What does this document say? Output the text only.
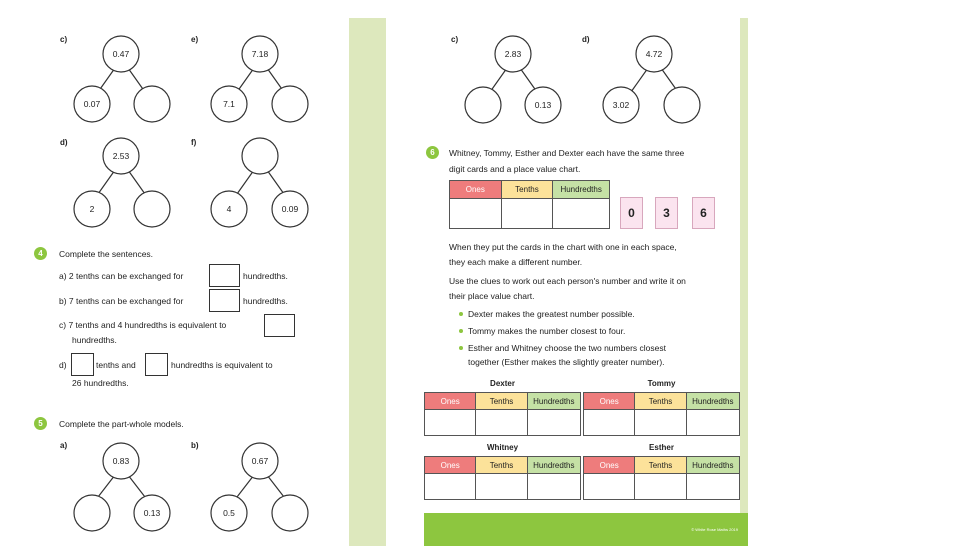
© White Rose Maths 2019
c)	e)
d)	f)
0.47
0.07
7.18
7.1
2.53
2	4	0.09
4	Complete the sentences.
a) 2 tenths can be exchanged for	hundredths.
b) 7 tenths can be exchanged for	hundredths.
c) 7 tenths and 4 hundredths is equivalent to
hundredths.
d)	tenths and	hundredths is equivalent to
26 hundredths.
5	Complete the part-whole models.
a)	b)
0.83
0.13
0.67
0.5
c)	d)
2.83
0.13
4.72
3.02
6	Whitney, Tommy, Esther and Dexter each have the same three
digit cards and a place value chart.
Ones	Tenths	Hundredths

0	3	6
When they put the cards in the chart with one in each space,
they each make a different number.
Use the clues to work out each person's number and write it on
their place value chart.
Dexter makes the greatest number possible.
Tommy makes the number closest to four.
Esther and Whitney choose the two numbers closest
together (Esther makes the slightly greater number).
Dexter
Ones	Tenths	Hundredths

Tommy
Ones	Tenths	Hundredths

Whitney
Ones	Tenths	Hundredths

Esther
Ones	Tenths	Hundredths
